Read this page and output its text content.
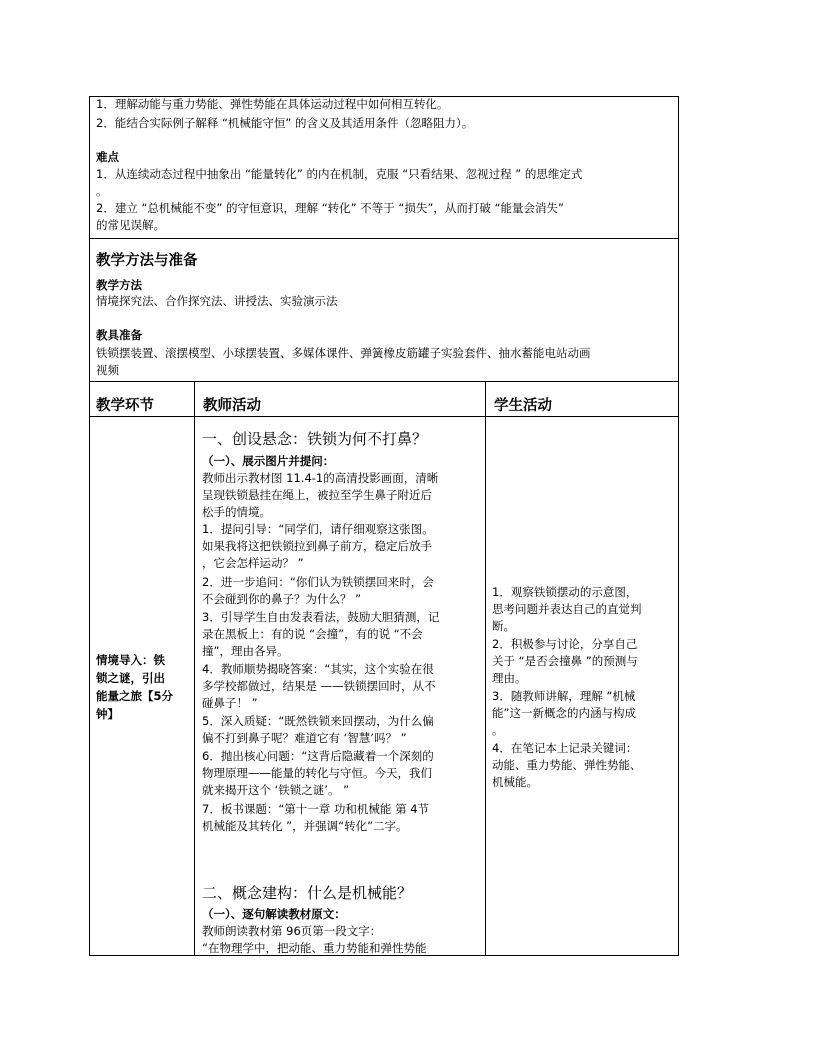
1．理解动能与重力势能、弹性势能在具体运动过程中如何相互转化。
2．能结合实际例子解释 “机械能守恒” 的含义及其适用条件（忽略阻力）。
难点
1．从连续动态过程中抽象出 “能量转化” 的内在机制，克服 “只看结果、忽视过程 ” 的思维定式
。
2．建立 “总机械能不变” 的守恒意识，理解 “转化” 不等于 “损失”，从而打破 “能量会消失”
的常见误解。
教学方法与准备
教学方法
情境探究法、合作探究法、讲授法、实验演示法
教具准备
铁锁摆装置、滚摆模型、小球摆装置、多媒体课件、弹簧橡皮筋罐子实验套件、抽水蓄能电站动画
视频
教学环节	教师活动	学生活动
情境导入：铁
锁之谜，引出
能量之旅【5分
钟】
一、创设悬念：铁锁为何不打鼻？
（一）、展示图片并提问：
教师出示教材图 11.4-1的高清投影画面，清晰
呈现铁锁悬挂在绳上，被拉至学生鼻子附近后
松手的情境。
1．提问引导：“同学们，请仔细观察这张图。
如果我将这把铁锁拉到鼻子前方，稳定后放手
，它会怎样运动？ ”
2．进一步追问：“你们认为铁锁摆回来时，会
不会碰到你的鼻子？为什么？ ”
3．引导学生自由发表看法，鼓励大胆猜测，记
录在黑板上：有的说 “会撞”，有的说 “不会
撞”，理由各异。
4．教师顺势揭晓答案：“其实，这个实验在很
多学校都做过，结果是 ——铁锁摆回时，从不
碰鼻子！ ”
5．深入质疑：“既然铁锁来回摆动，为什么偏
偏不打到鼻子呢？难道它有 ‘智慧’吗？ ”
6．抛出核心问题：“这背后隐藏着一个深刻的
物理原理——能量的转化与守恒。今天，我们
就来揭开这个 ‘铁锁之谜’。 ”
7．板书课题：“第十一章 功和机械能 第 4节
机械能及其转化 ”，并强调“转化”二字。
二、概念建构：什么是机械能？
（一）、逐句解读教材原文：
教师朗读教材第 96页第一段文字：
“在物理学中，把动能、重力势能和弹性势能
1．观察铁锁摆动的示意图，
思考问题并表达自己的直觉判
断。
2．积极参与讨论，分享自己
关于 “是否会撞鼻 ”的预测与
理由。
3．随教师讲解，理解 “机械
能”这一新概念的内涵与构成
。
4．在笔记本上记录关键词：
动能、重力势能、弹性势能、
机械能。
